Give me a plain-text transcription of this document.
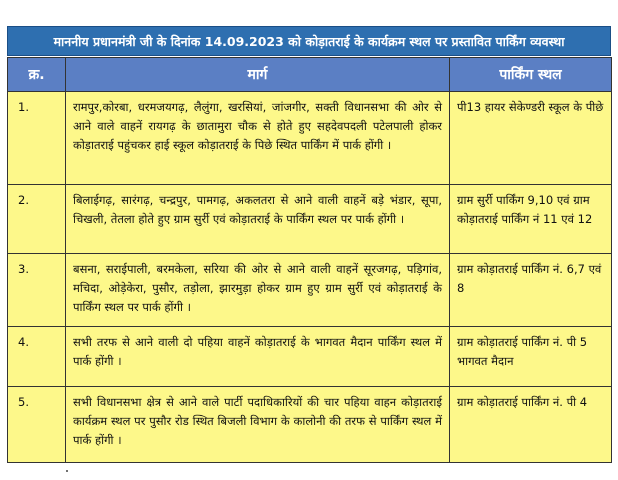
माननीय प्रधानमंत्री जी के दिनांक 14.09.2023 को कोड़ातराई के कार्यक्रम स्थल पर प्रस्तावित पार्किंग व्यवस्था
क्र.	मार्ग	पार्किंग स्थल
1.	रामपुर,कोरबा, धरमजयगढ़, लैलुंगा, खरसियां, जांजगीर, सक्ती विधानसभा की ओर से आने वाले वाहनें रायगढ़ के छातामुरा चौक से होते हुए सहदेवपदली पटेलपाली होकर कोड़ातराई पहुंचकर हाई स्कूल कोड़ातराई के पिछे स्थित पार्किंग में पार्क होंगी ।	पी13 हायर सेकेण्डरी स्कूल के पीछे
2.	बिलाईगढ़, सारंगढ़, चन्द्रपुर, पामगढ़, अकलतरा से आने वाली वाहनें बड़े भंडार, सूपा, चिखली, तेतला होते हुए ग्राम सुर्री एवं कोड़ातराई के पार्किंग स्थल पर पार्क होंगी ।	ग्राम सुर्री पार्किंग 9,10 एवं ग्राम कोड़ातराई पार्किंग नं 11 एवं 12
3.	बसना, सराईपाली, बरमकेला, सरिया की ओर से आने वाली वाहनें सूरजगढ़, पड़िगांव, मचिदा, ओड़ेकेरा, पुसौर, तड़ोला, झारमुड़ा होकर ग्राम हुए ग्राम सुर्री एवं कोड़ातराई के पार्किंग स्थल पर पार्क होंगी ।	ग्राम कोड़ातराई पार्किंग नं. 6,7 एवं 8
4.	सभी तरफ से आने वाली दो पहिया वाहनें कोड़ातराई के भागवत मैदान पार्किंग स्थल में पार्क होंगी ।	ग्राम कोड़ातराई पार्किंग नं. पी 5 भागवत मैदान
5.	सभी विधानसभा क्षेत्र से आने वाले पार्टी पदाधिकारियों की चार पहिया वाहन कोड़ातराई कार्यक्रम स्थल पर पुसौर रोड स्थित बिजली विभाग के कालोनी की तरफ से पार्किंग स्थल में पार्क होंगी ।	ग्राम कोड़ातराई पार्किंग नं. पी 4
